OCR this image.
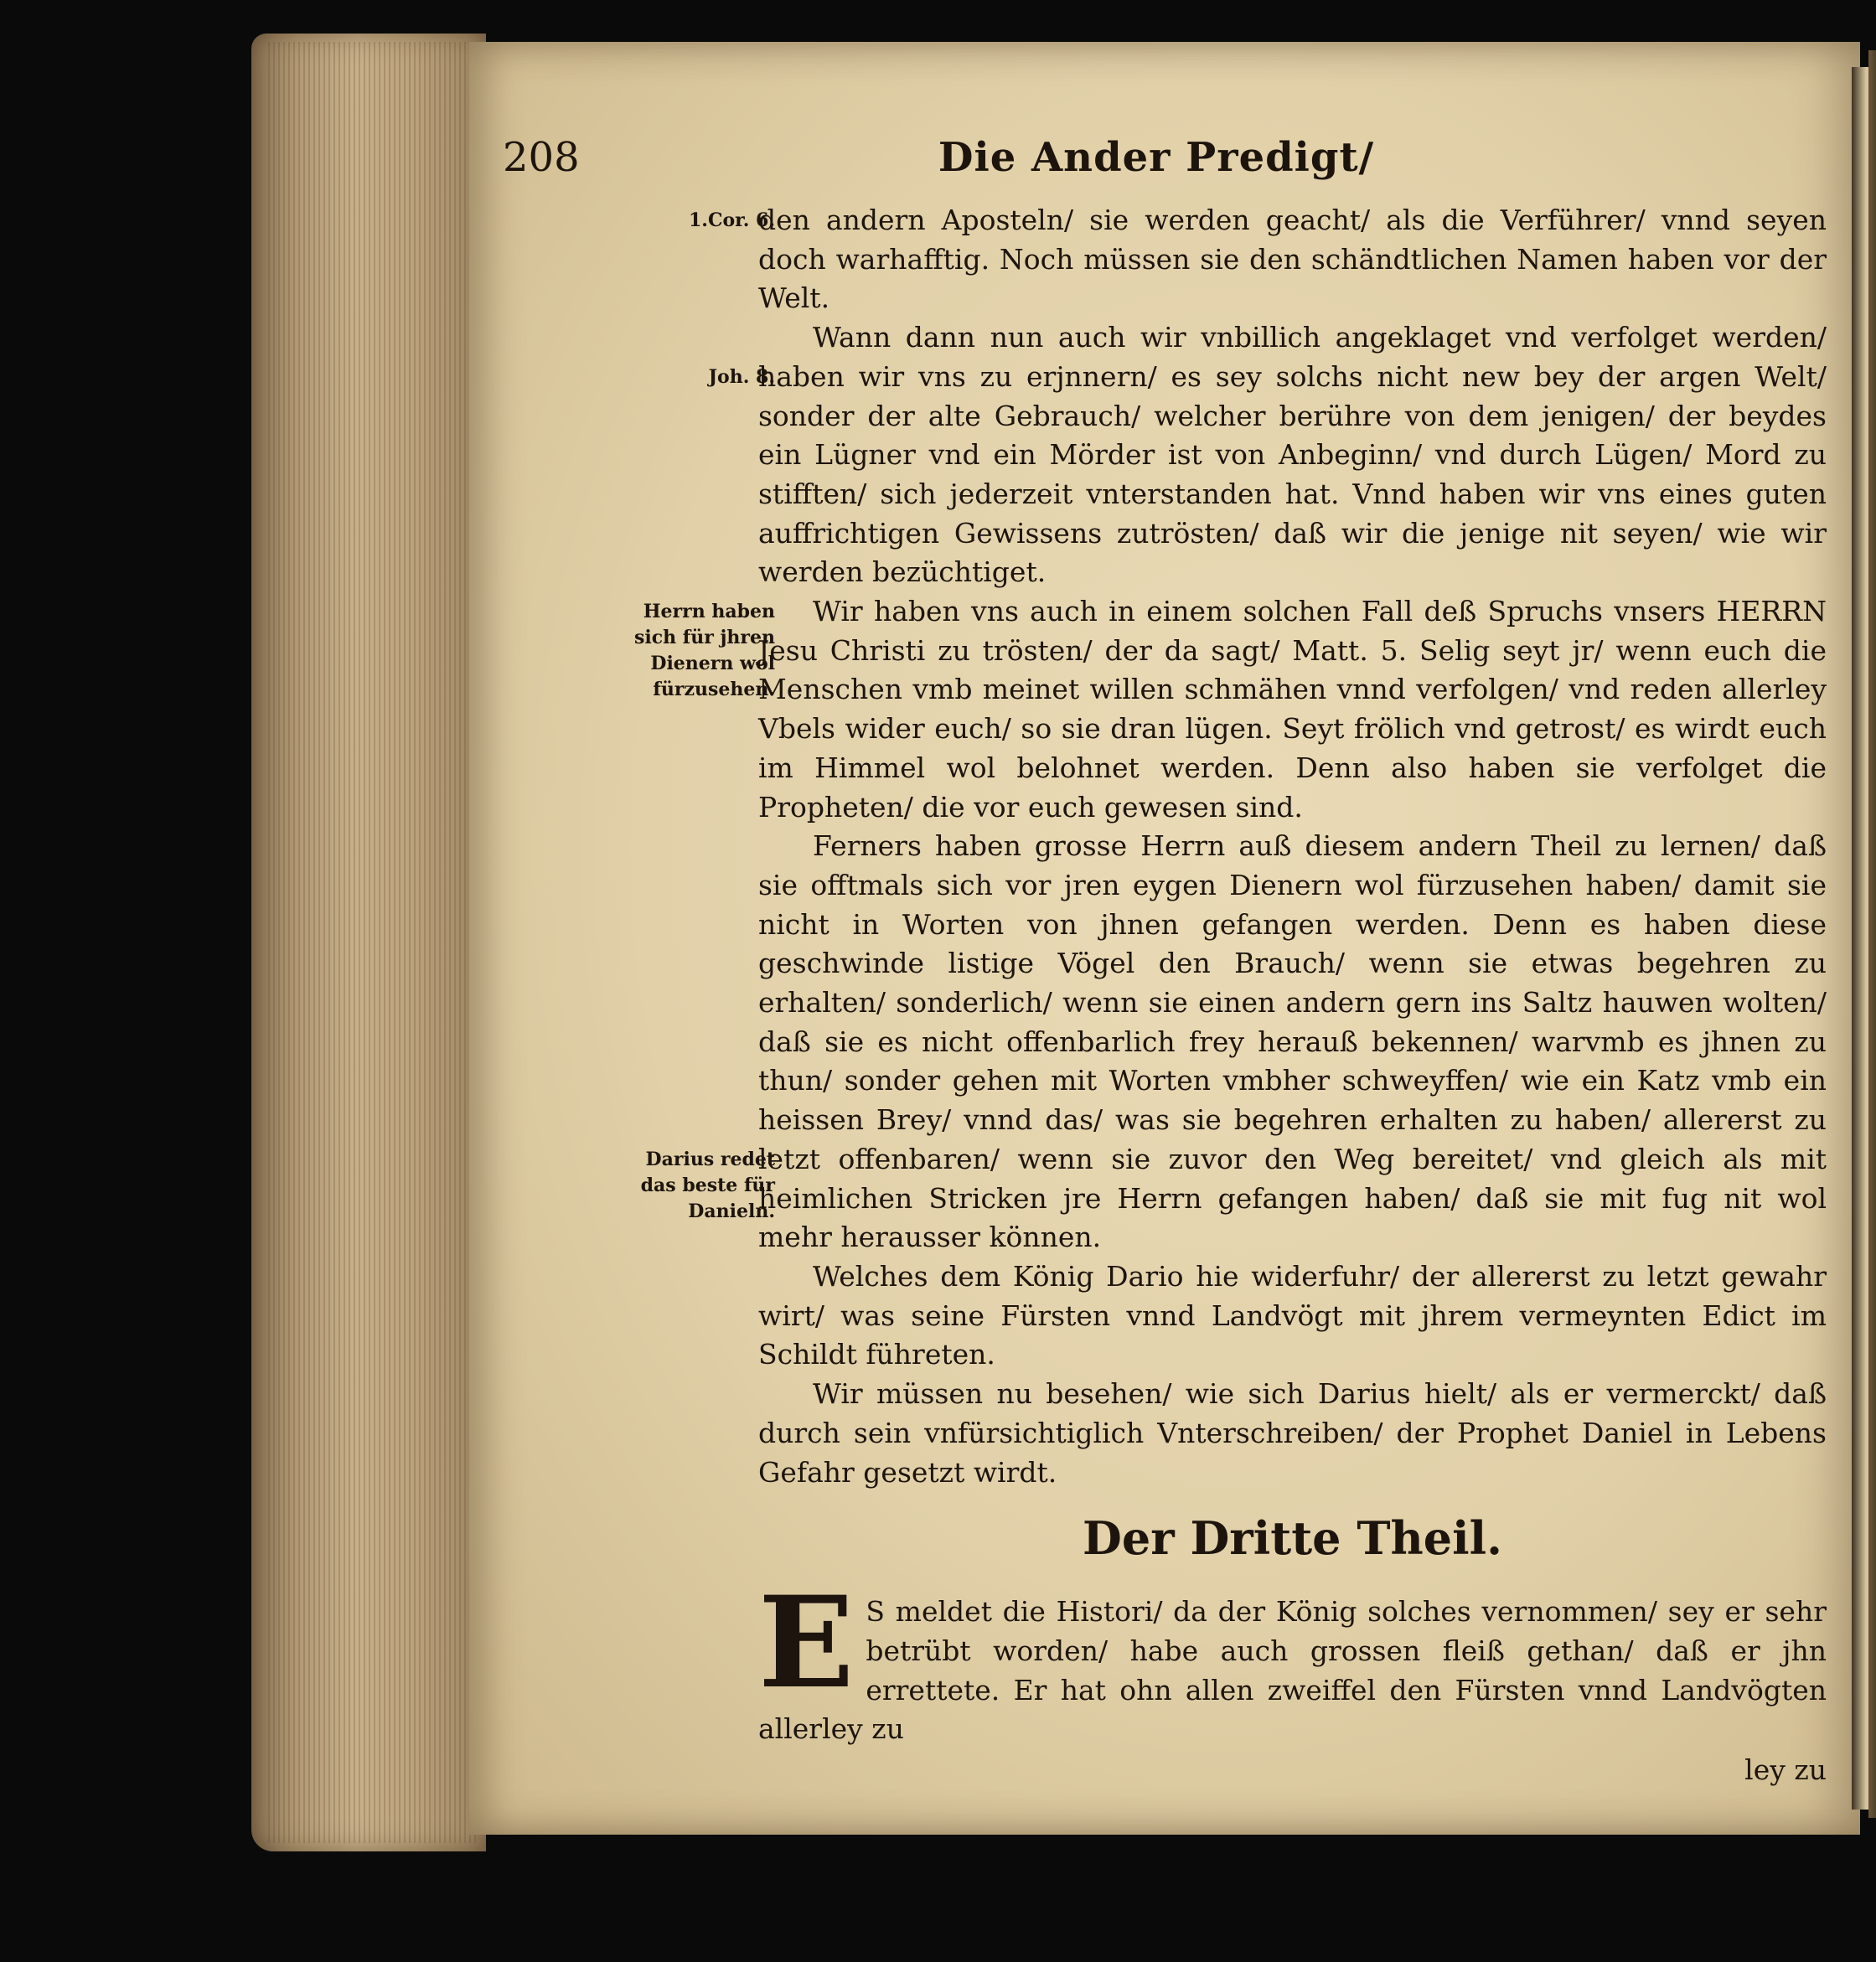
208	Die Ander Predigt/
1.Cor. 6.
Joh. 8.
Herrn haben
sich für jhren
Dienern wol
fürzusehen.
Darius redet
das beste für
Danieln.

den andern Aposteln/ sie werden geacht/ als die Verführer/ vnnd seyen doch warhafftig. Noch müssen sie den schändtlichen Namen haben vor der Welt.

Wann dann nun auch wir vnbillich angeklaget vnd verfolget werden/ haben wir vns zu erjnnern/ es sey solchs nicht new bey der argen Welt/ sonder der alte Gebrauch/ welcher berühre von dem jenigen/ der beydes ein Lügner vnd ein Mörder ist von Anbeginn/ vnd durch Lügen/ Mord zu stifften/ sich jederzeit vnterstanden hat. Vnnd haben wir vns eines guten auffrichtigen Gewissens zutrösten/ daß wir die jenige nit seyen/ wie wir werden bezüchtiget.

Wir haben vns auch in einem solchen Fall deß Spruchs vnsers HERRN Jesu Christi zu trösten/ der da sagt/ Matt. 5. Selig seyt jr/ wenn euch die Menschen vmb meinet willen schmähen vnnd verfolgen/ vnd reden allerley Vbels wider euch/ so sie dran lügen. Seyt frölich vnd getrost/ es wirdt euch im Himmel wol belohnet werden. Denn also haben sie verfolget die Propheten/ die vor euch gewesen sind.

Ferners haben grosse Herrn auß diesem andern Theil zu lernen/ daß sie offtmals sich vor jren eygen Dienern wol fürzusehen haben/ damit sie nicht in Worten von jhnen gefangen werden. Denn es haben diese geschwinde listige Vögel den Brauch/ wenn sie etwas begehren zu erhalten/ sonderlich/ wenn sie einen andern gern ins Saltz hauwen wolten/ daß sie es nicht offenbarlich frey herauß bekennen/ warvmb es jhnen zu thun/ sonder gehen mit Worten vmbher schweyffen/ wie ein Katz vmb ein heissen Brey/ vnnd das/ was sie begehren erhalten zu haben/ allererst zu letzt offenbaren/ wenn sie zuvor den Weg bereitet/ vnd gleich als mit heimlichen Stricken jre Herrn gefangen haben/ daß sie mit fug nit wol mehr herausser können.

Welches dem König Dario hie widerfuhr/ der allererst zu letzt gewahr wirt/ was seine Fürsten vnnd Landvögt mit jhrem vermeynten Edict im Schildt führeten.

Wir müssen nu besehen/ wie sich Darius hielt/ als er vermerckt/ daß durch sein vnfürsichtiglich Vnterschreiben/ der Prophet Daniel in Lebens Gefahr gesetzt wirdt.

Der Dritte Theil.
E S meldet die Histori/ da der König solches vernommen/ sey er sehr betrübt worden/ habe auch grossen fleiß gethan/ daß er jhn errettete. Er hat ohn allen zweiffel den Fürsten vnnd Landvögten allerley zu

ley zu
